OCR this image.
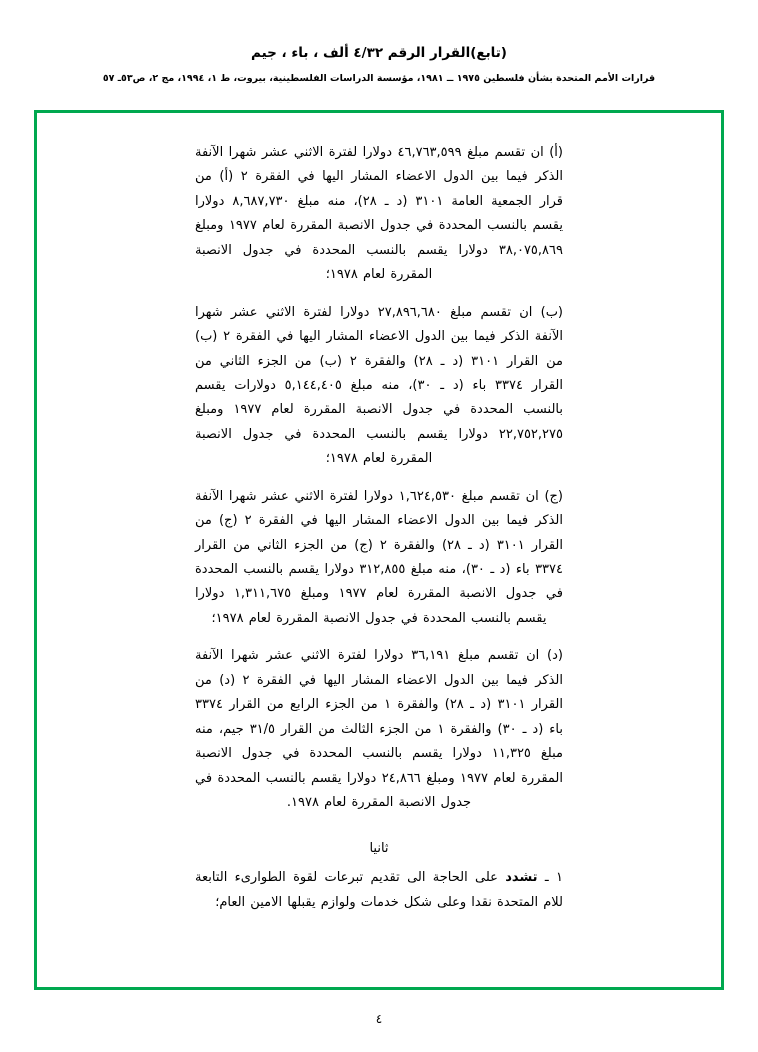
(تابع)القرار الرقم ٤/٣٢ ألف ، باء ، جيم
قرارات الأمم المتحدة بشأن فلسطين ١٩٧٥ ــ ١٩٨١، مؤسسة الدراسات الفلسطينية، بيروت، ط ١، ١٩٩٤، مج ٢، ص٥٣ـ ٥٧

(أ) ان تقسم مبلغ ٤٦,٧٦٣,٥٩٩ دولارا لفترة الاثني عشر شهرا الآنفة الذكر فيما بين الدول الاعضاء المشار اليها في الفقرة ٢ (أ) من قرار الجمعية العامة ٣١٠١ (د ـ ٢٨)، منه مبلغ ٨,٦٨٧,٧٣٠ دولارا يقسم بالنسب المحددة في جدول الانصبة المقررة لعام ١٩٧٧ ومبلغ ٣٨,٠٧٥,٨٦٩ دولارا يقسم بالنسب المحددة في جدول الانصبة المقررة لعام ١٩٧٨؛

(ب) ان تقسم مبلغ ٢٧,٨٩٦,٦٨٠ دولارا لفترة الاثني عشر شهرا الآنفة الذكر فيما بين الدول الاعضاء المشار اليها في الفقرة ٢ (ب) من القرار ٣١٠١ (د ـ ٢٨) والفقرة ٢ (ب) من الجزء الثاني من القرار ٣٣٧٤ باء (د ـ ٣٠)، منه مبلغ ٥,١٤٤,٤٠٥ دولارات يقسم بالنسب المحددة في جدول الانصبة المقررة لعام ١٩٧٧ ومبلغ ٢٢,٧٥٢,٢٧٥ دولارا يقسم بالنسب المحددة في جدول الانصبة المقررة لعام ١٩٧٨؛

(ج) ان تقسم مبلغ ١,٦٢٤,٥٣٠ دولارا لفترة الاثني عشر شهرا الآنفة الذكر فيما بين الدول الاعضاء المشار اليها في الفقرة ٢ (ج) من القرار ٣١٠١ (د ـ ٢٨) والفقرة ٢ (ج) من الجزء الثاني من القرار ٣٣٧٤ باء (د ـ ٣٠)، منه مبلغ ٣١٢,٨٥٥ دولارا يقسم بالنسب المحددة في جدول الانصبة المقررة لعام ١٩٧٧ ومبلغ ١,٣١١,٦٧٥ دولارا يقسم بالنسب المحددة في جدول الانصبة المقررة لعام ١٩٧٨؛

(د) ان تقسم مبلغ ٣٦,١٩١ دولارا لفترة الاثني عشر شهرا الآنفة الذكر فيما بين الدول الاعضاء المشار اليها في الفقرة ٢ (د) من القرار ٣١٠١ (د ـ ٢٨) والفقرة ١ من الجزء الرابع من القرار ٣٣٧٤ باء (د ـ ٣٠) والفقرة ١ من الجزء الثالث من القرار ٣١/٥ جيم، منه مبلغ ١١,٣٢٥ دولارا يقسم بالنسب المحددة في جدول الانصبة المقررة لعام ١٩٧٧ ومبلغ ٢٤,٨٦٦ دولارا يقسم بالنسب المحددة في جدول الانصبة المقررة لعام ١٩٧٨.

ثانيا

١ ـ تشدد على الحاجة الى تقديم تبرعات لقوة الطوارىء التابعة للام المتحدة نقدا وعلى شكل خدمات ولوازم يقبلها الامين العام؛

٤
